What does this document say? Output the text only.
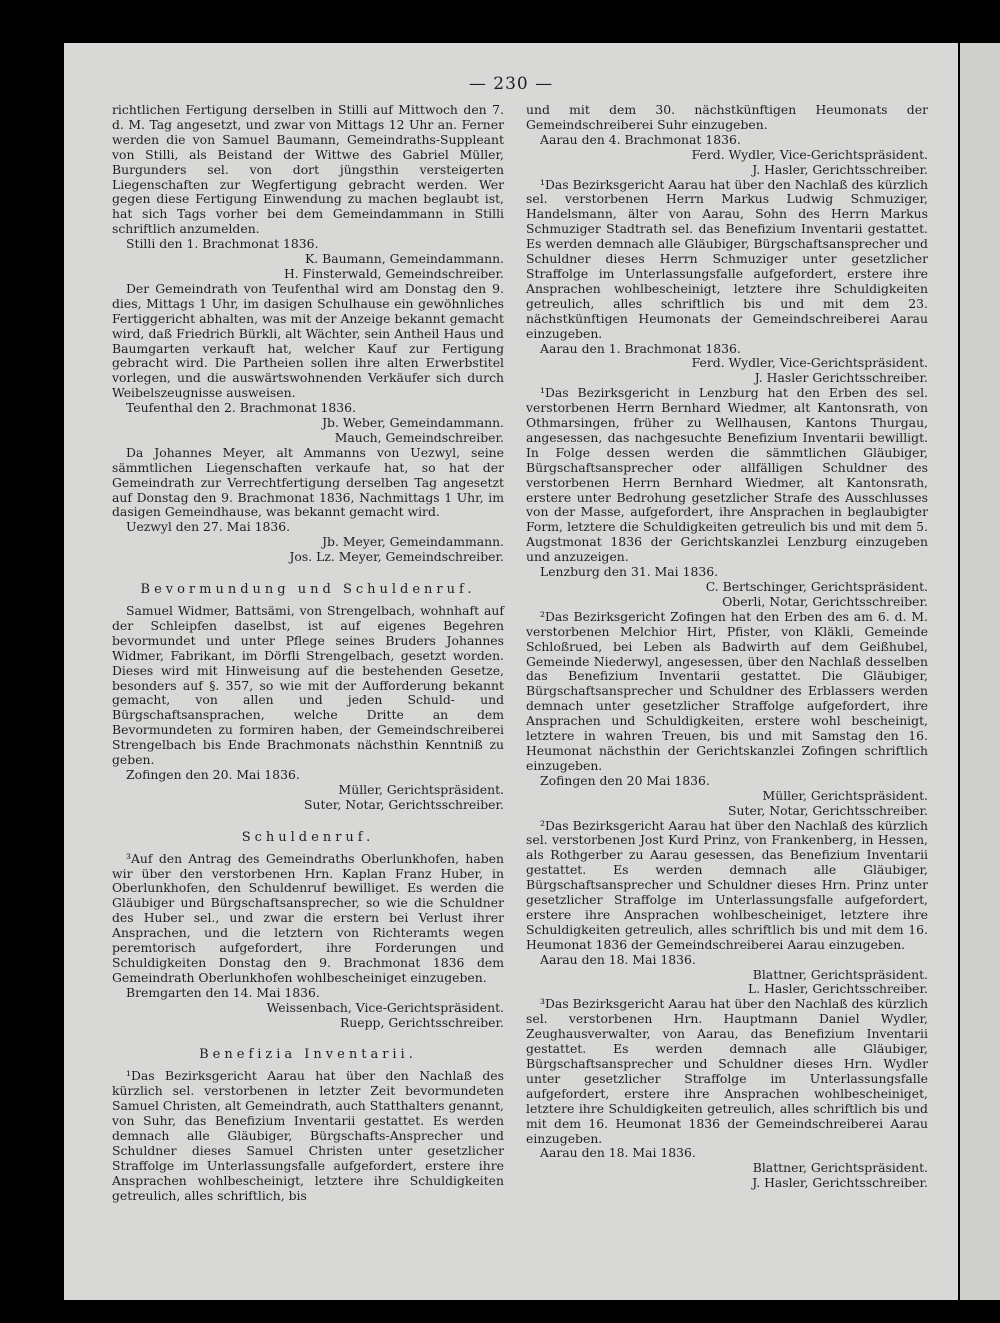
— 230 —

richtlichen Fertigung derselben in Stilli auf Mittwoch den 7. d. M. Tag angesetzt, und zwar von Mittags 12 Uhr an. Ferner werden die von Samuel Baumann, Gemeindraths-Suppleant von Stilli, als Beistand der Wittwe des Gabriel Müller, Burgunders sel. von dort jüngsthin versteigerten Liegenschaften zur Wegfertigung gebracht werden. Wer gegen diese Fertigung Einwendung zu machen beglaubt ist, hat sich Tags vorher bei dem Gemeindammann in Stilli schriftlich anzumelden.

Stilli den 1. Brachmonat 1836.

K. Baumann, Gemeindammann.

H. Finsterwald, Gemeindschreiber.

Der Gemeindrath von Teufenthal wird am Donstag den 9. dies, Mittags 1 Uhr, im dasigen Schulhause ein gewöhnliches Fertiggericht abhalten, was mit der Anzeige bekannt gemacht wird, daß Friedrich Bürkli, alt Wächter, sein Antheil Haus und Baumgarten verkauft hat, welcher Kauf zur Fertigung gebracht wird. Die Partheien sollen ihre alten Erwerbstitel vorlegen, und die auswärtswohnenden Verkäufer sich durch Weibelszeugnisse ausweisen.

Teufenthal den 2. Brachmonat 1836.

Jb. Weber, Gemeindammann.

Mauch, Gemeindschreiber.

Da Johannes Meyer, alt Ammanns von Uezwyl, seine sämmtlichen Liegenschaften verkaufe hat, so hat der Gemeindrath zur Verrechtfertigung derselben Tag angesetzt auf Donstag den 9. Brachmonat 1836, Nachmittags 1 Uhr, im dasigen Gemeindhause, was bekannt gemacht wird.

Uezwyl den 27. Mai 1836.

Jb. Meyer, Gemeindammann.

Jos. Lz. Meyer, Gemeindschreiber.

Bevormundung und Schuldenruf.

Samuel Widmer, Battsämi, von Strengelbach, wohnhaft auf der Schleipfen daselbst, ist auf eigenes Begehren bevormundet und unter Pflege seines Bruders Johannes Widmer, Fabrikant, im Dörfli Strengelbach, gesetzt worden. Dieses wird mit Hinweisung auf die bestehenden Gesetze, besonders auf §. 357, so wie mit der Aufforderung bekannt gemacht, von allen und jeden Schuld- und Bürgschaftsansprachen, welche Dritte an dem Bevormundeten zu formiren haben, der Gemeindschreiberei Strengelbach bis Ende Brachmonats nächsthin Kenntniß zu geben.

Zofingen den 20. Mai 1836.

Müller, Gerichtspräsident.

Suter, Notar, Gerichtsschreiber.

Schuldenruf.

³Auf den Antrag des Gemeindraths Oberlunkhofen, haben wir über den verstorbenen Hrn. Kaplan Franz Huber, in Oberlunkhofen, den Schuldenruf bewilliget. Es werden die Gläubiger und Bürgschaftsansprecher, so wie die Schuldner des Huber sel., und zwar die erstern bei Verlust ihrer Ansprachen, und die letztern von Richteramts wegen peremtorisch aufgefordert, ihre Forderungen und Schuldigkeiten Donstag den 9. Brachmonat 1836 dem Gemeindrath Oberlunkhofen wohlbescheiniget einzugeben.

Bremgarten den 14. Mai 1836.

Weissenbach, Vice-Gerichtspräsident.

Ruepp, Gerichtsschreiber.

Benefizia Inventarii.

¹Das Bezirksgericht Aarau hat über den Nachlaß des kürzlich sel. verstorbenen in letzter Zeit bevormundeten Samuel Christen, alt Gemeindrath, auch Statthalters genannt, von Suhr, das Benefizium Inventarii gestattet. Es werden demnach alle Gläubiger, Bürgschafts-Ansprecher und Schuldner dieses Samuel Christen unter gesetzlicher Straffolge im Unterlassungsfalle aufgefordert, erstere ihre Ansprachen wohlbescheinigt, letztere ihre Schuldigkeiten getreulich, alles schriftlich, bis

und mit dem 30. nächstkünftigen Heumonats der Gemeindschreiberei Suhr einzugeben.

Aarau den 4. Brachmonat 1836.

Ferd. Wydler, Vice-Gerichtspräsident.

J. Hasler, Gerichtsschreiber.

¹Das Bezirksgericht Aarau hat über den Nachlaß des kürzlich sel. verstorbenen Herrn Markus Ludwig Schmuziger, Handelsmann, älter von Aarau, Sohn des Herrn Markus Schmuziger Stadtrath sel. das Benefizium Inventarii gestattet. Es werden demnach alle Gläubiger, Bürgschaftsansprecher und Schuldner dieses Herrn Schmuziger unter gesetzlicher Straffolge im Unterlassungsfalle aufgefordert, erstere ihre Ansprachen wohlbescheinigt, letztere ihre Schuldigkeiten getreulich, alles schriftlich bis und mit dem 23. nächstkünftigen Heumonats der Gemeindschreiberei Aarau einzugeben.

Aarau den 1. Brachmonat 1836.

Ferd. Wydler, Vice-Gerichtspräsident.

J. Hasler Gerichtsschreiber.

¹Das Bezirksgericht in Lenzburg hat den Erben des sel. verstorbenen Herrn Bernhard Wiedmer, alt Kantonsrath, von Othmarsingen, früher zu Wellhausen, Kantons Thurgau, angesessen, das nachgesuchte Benefizium Inventarii bewilligt. In Folge dessen werden die sämmtlichen Gläubiger, Bürgschaftsansprecher oder allfälligen Schuldner des verstorbenen Herrn Bernhard Wiedmer, alt Kantonsrath, erstere unter Bedrohung gesetzlicher Strafe des Ausschlusses von der Masse, aufgefordert, ihre Ansprachen in beglaubigter Form, letztere die Schuldigkeiten getreulich bis und mit dem 5. Augstmonat 1836 der Gerichtskanzlei Lenzburg einzugeben und anzuzeigen.

Lenzburg den 31. Mai 1836.

C. Bertschinger, Gerichtspräsident.

Oberli, Notar, Gerichtsschreiber.

²Das Bezirksgericht Zofingen hat den Erben des am 6. d. M. verstorbenen Melchior Hirt, Pfister, von Kläkli, Gemeinde Schloßrued, bei Leben als Badwirth auf dem Geißhubel, Gemeinde Niederwyl, angesessen, über den Nachlaß desselben das Benefizium Inventarii gestattet. Die Gläubiger, Bürgschaftsansprecher und Schuldner des Erblassers werden demnach unter gesetzlicher Straffolge aufgefordert, ihre Ansprachen und Schuldigkeiten, erstere wohl bescheinigt, letztere in wahren Treuen, bis und mit Samstag den 16. Heumonat nächsthin der Gerichtskanzlei Zofingen schriftlich einzugeben.

Zofingen den 20 Mai 1836.

Müller, Gerichtspräsident.

Suter, Notar, Gerichtsschreiber.

²Das Bezirksgericht Aarau hat über den Nachlaß des kürzlich sel. verstorbenen Jost Kurd Prinz, von Frankenberg, in Hessen, als Rothgerber zu Aarau gesessen, das Benefizium Inventarii gestattet. Es werden demnach alle Gläubiger, Bürgschaftsansprecher und Schuldner dieses Hrn. Prinz unter gesetzlicher Straffolge im Unterlassungsfalle aufgefordert, erstere ihre Ansprachen wohlbescheiniget, letztere ihre Schuldigkeiten getreulich, alles schriftlich bis und mit dem 16. Heumonat 1836 der Gemeindschreiberei Aarau einzugeben.

Aarau den 18. Mai 1836.

Blattner, Gerichtspräsident.

L. Hasler, Gerichtsschreiber.

³Das Bezirksgericht Aarau hat über den Nachlaß des kürzlich sel. verstorbenen Hrn. Hauptmann Daniel Wydler, Zeughausverwalter, von Aarau, das Benefizium Inventarii gestattet. Es werden demnach alle Gläubiger, Bürgschaftsansprecher und Schuldner dieses Hrn. Wydler unter gesetzlicher Straffolge im Unterlassungsfalle aufgefordert, erstere ihre Ansprachen wohlbescheiniget, letztere ihre Schuldigkeiten getreulich, alles schriftlich bis und mit dem 16. Heumonat 1836 der Gemeindschreiberei Aarau einzugeben.

Aarau den 18. Mai 1836.

Blattner, Gerichtspräsident.

J. Hasler, Gerichtsschreiber.
